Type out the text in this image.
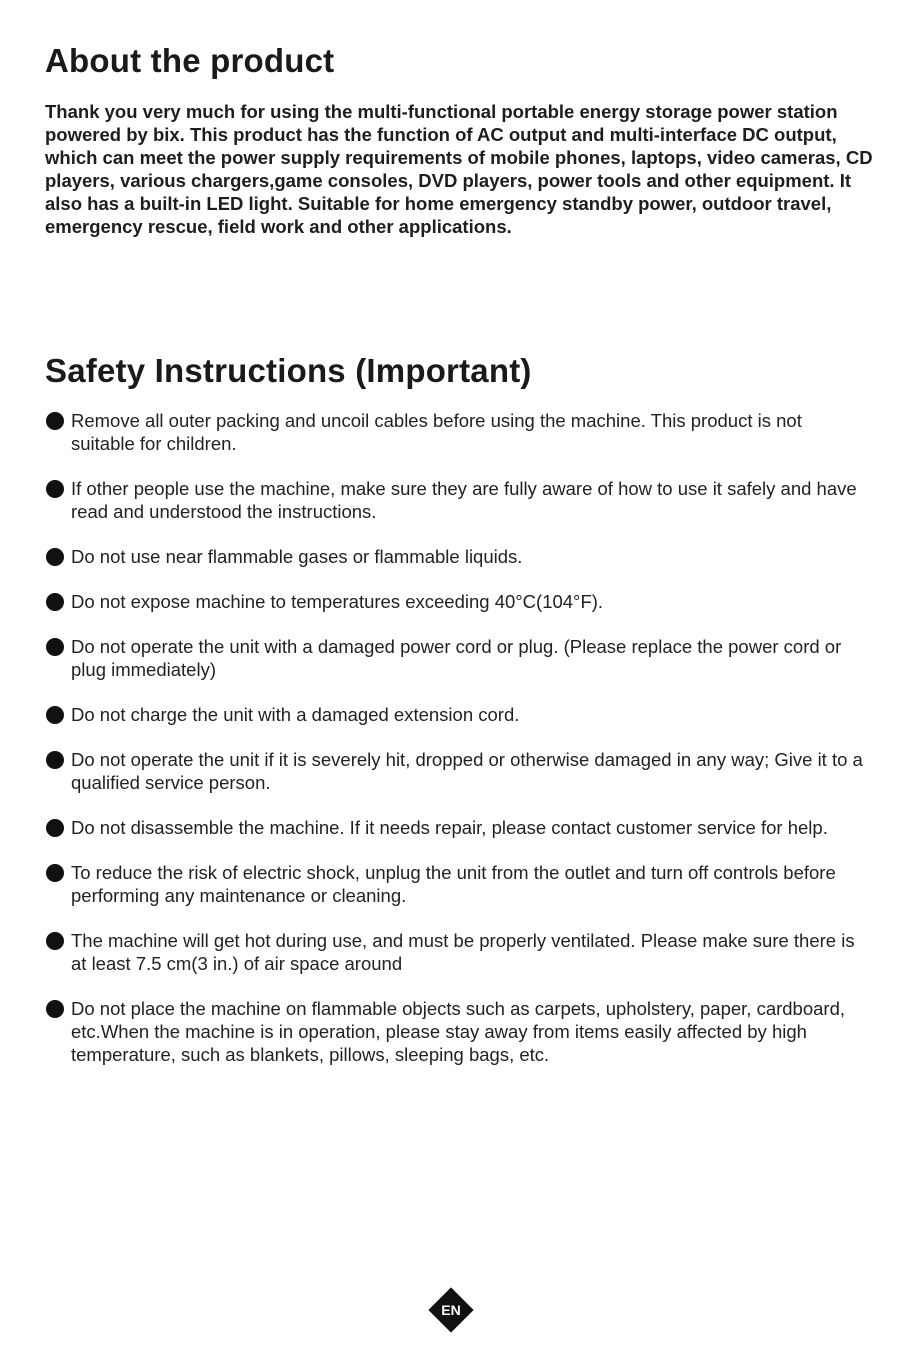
About the product

Thank you very much for using the multi-functional portable energy storage power station powered by bix. This product has the function of AC output and multi-interface DC output, which can meet the power supply requirements of mobile phones, laptops, video cameras, CD players, various chargers,game consoles, DVD players, power tools and other equipment. It also has a built-in LED light. Suitable for home emergency standby power, outdoor travel, emergency rescue, field work and other applications.

Safety Instructions (Important)
Remove all outer packing and uncoil cables before using the machine. This product is not suitable for children.
If other people use the machine, make sure they are fully aware of how to use it safely and have read and understood the instructions.
Do not use near flammable gases or flammable liquids.
Do not expose machine to temperatures exceeding 40°C(104°F).
Do not operate the unit with a damaged power cord or plug. (Please replace the power cord or plug immediately)
Do not charge the unit with a damaged extension cord.
Do not operate the unit if it is severely hit, dropped or otherwise damaged in any way; Give it to a qualified service person.
Do not disassemble the machine. If it needs repair, please contact customer service for help.
To reduce the risk of electric shock, unplug the unit from the outlet and turn off controls before performing any maintenance or cleaning.
The machine will get hot during use, and must be properly ventilated. Please make sure there is at least 7.5 cm(3 in.) of air space around
Do not place the machine on flammable objects such as carpets, upholstery, paper, cardboard, etc.When the machine is in operation, please stay away from items easily affected by high temperature, such as blankets, pillows, sleeping bags, etc.
EN
